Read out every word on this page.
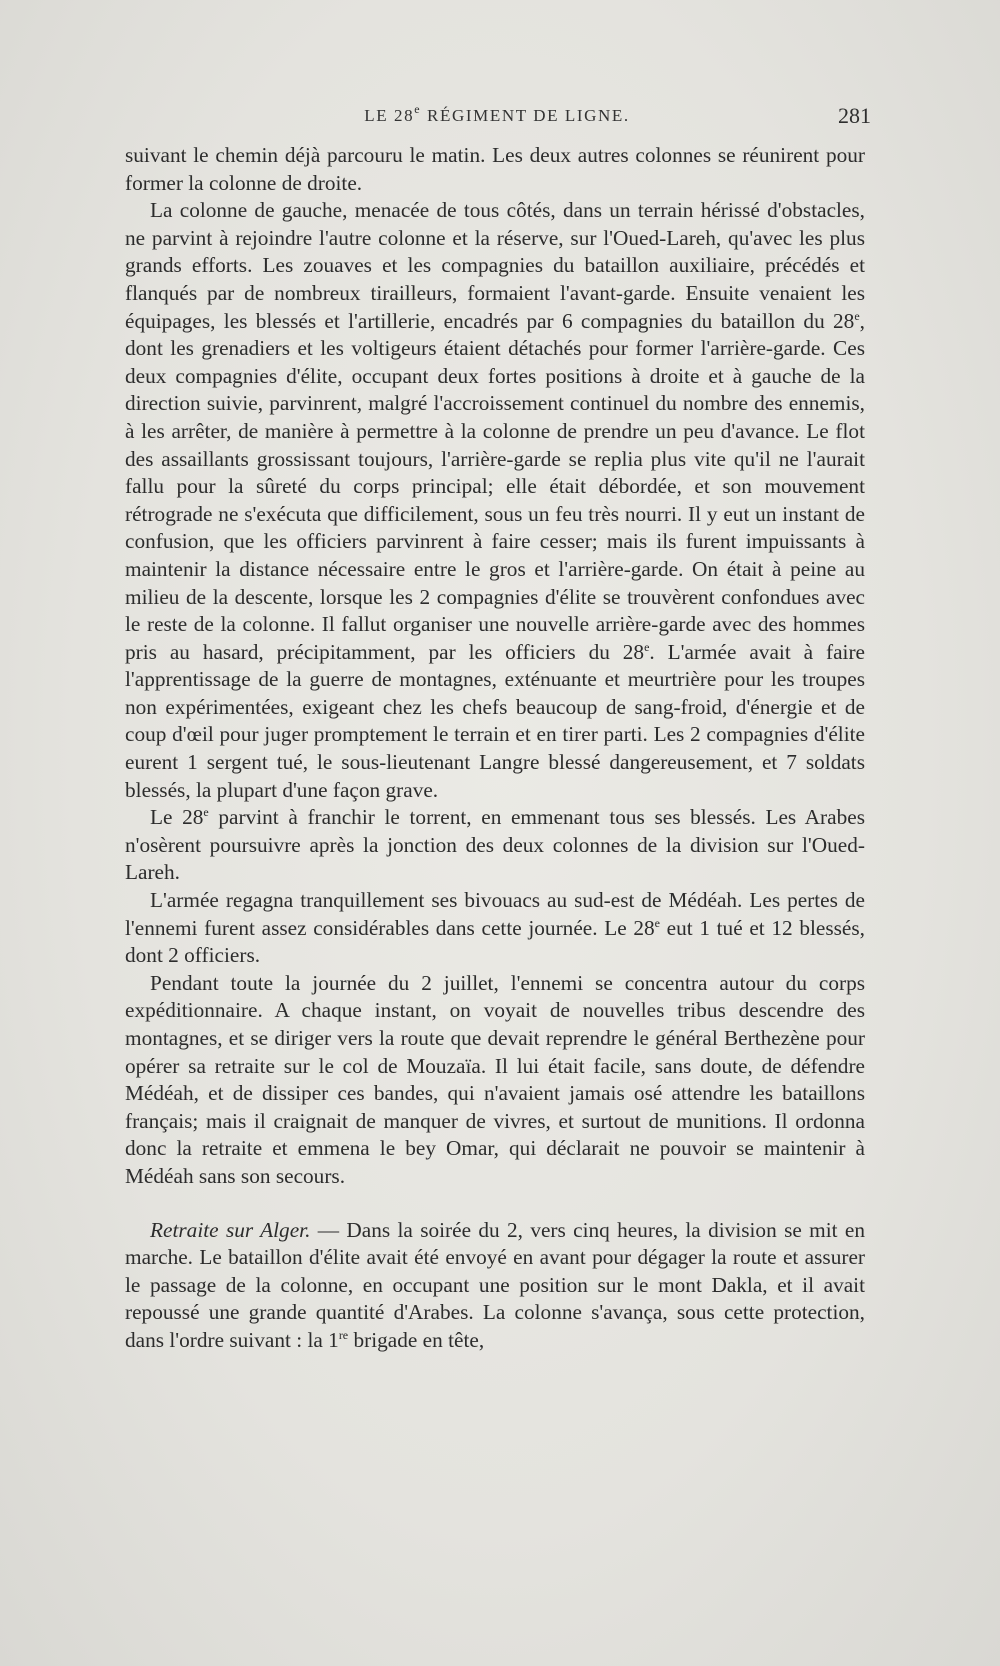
LE 28e RÉGIMENT DE LIGNE.	281

suivant le chemin déjà parcouru le matin. Les deux autres colonnes se réunirent pour former la colonne de droite.

La colonne de gauche, menacée de tous côtés, dans un terrain hérissé d'obstacles, ne parvint à rejoindre l'autre colonne et la réserve, sur l'Oued-Lareh, qu'avec les plus grands efforts. Les zouaves et les compagnies du bataillon auxiliaire, précédés et flanqués par de nombreux tirailleurs, formaient l'avant-garde. Ensuite venaient les équipages, les blessés et l'artillerie, encadrés par 6 compagnies du bataillon du 28e, dont les grenadiers et les voltigeurs étaient détachés pour former l'arrière-garde. Ces deux compagnies d'élite, occupant deux fortes positions à droite et à gauche de la direction suivie, parvinrent, malgré l'accroissement continuel du nombre des ennemis, à les arrêter, de manière à permettre à la colonne de prendre un peu d'avance. Le flot des assaillants grossissant toujours, l'arrière-garde se replia plus vite qu'il ne l'aurait fallu pour la sûreté du corps principal; elle était débordée, et son mouvement rétrograde ne s'exécuta que difficilement, sous un feu très nourri. Il y eut un instant de confusion, que les officiers parvinrent à faire cesser; mais ils furent impuissants à maintenir la distance nécessaire entre le gros et l'arrière-garde. On était à peine au milieu de la descente, lorsque les 2 compagnies d'élite se trouvèrent confondues avec le reste de la colonne. Il fallut organiser une nouvelle arrière-garde avec des hommes pris au hasard, précipitamment, par les officiers du 28e. L'armée avait à faire l'apprentissage de la guerre de montagnes, exténuante et meurtrière pour les troupes non expérimentées, exigeant chez les chefs beaucoup de sang-froid, d'énergie et de coup d'œil pour juger promptement le terrain et en tirer parti. Les 2 compagnies d'élite eurent 1 sergent tué, le sous-lieutenant Langre blessé dangereusement, et 7 soldats blessés, la plupart d'une façon grave.

Le 28e parvint à franchir le torrent, en emmenant tous ses blessés. Les Arabes n'osèrent poursuivre après la jonction des deux colonnes de la division sur l'Oued-Lareh.

L'armée regagna tranquillement ses bivouacs au sud-est de Médéah. Les pertes de l'ennemi furent assez considérables dans cette journée. Le 28e eut 1 tué et 12 blessés, dont 2 officiers.

Pendant toute la journée du 2 juillet, l'ennemi se concentra autour du corps expéditionnaire. A chaque instant, on voyait de nouvelles tribus descendre des montagnes, et se diriger vers la route que devait reprendre le général Berthezène pour opérer sa retraite sur le col de Mouzaïa. Il lui était facile, sans doute, de défendre Médéah, et de dissiper ces bandes, qui n'avaient jamais osé attendre les bataillons français; mais il craignait de manquer de vivres, et surtout de munitions. Il ordonna donc la retraite et emmena le bey Omar, qui déclarait ne pouvoir se maintenir à Médéah sans son secours.

Retraite sur Alger. — Dans la soirée du 2, vers cinq heures, la division se mit en marche. Le bataillon d'élite avait été envoyé en avant pour dégager la route et assurer le passage de la colonne, en occupant une position sur le mont Dakla, et il avait repoussé une grande quantité d'Arabes. La colonne s'avança, sous cette protection, dans l'ordre suivant : la 1re brigade en tête,
